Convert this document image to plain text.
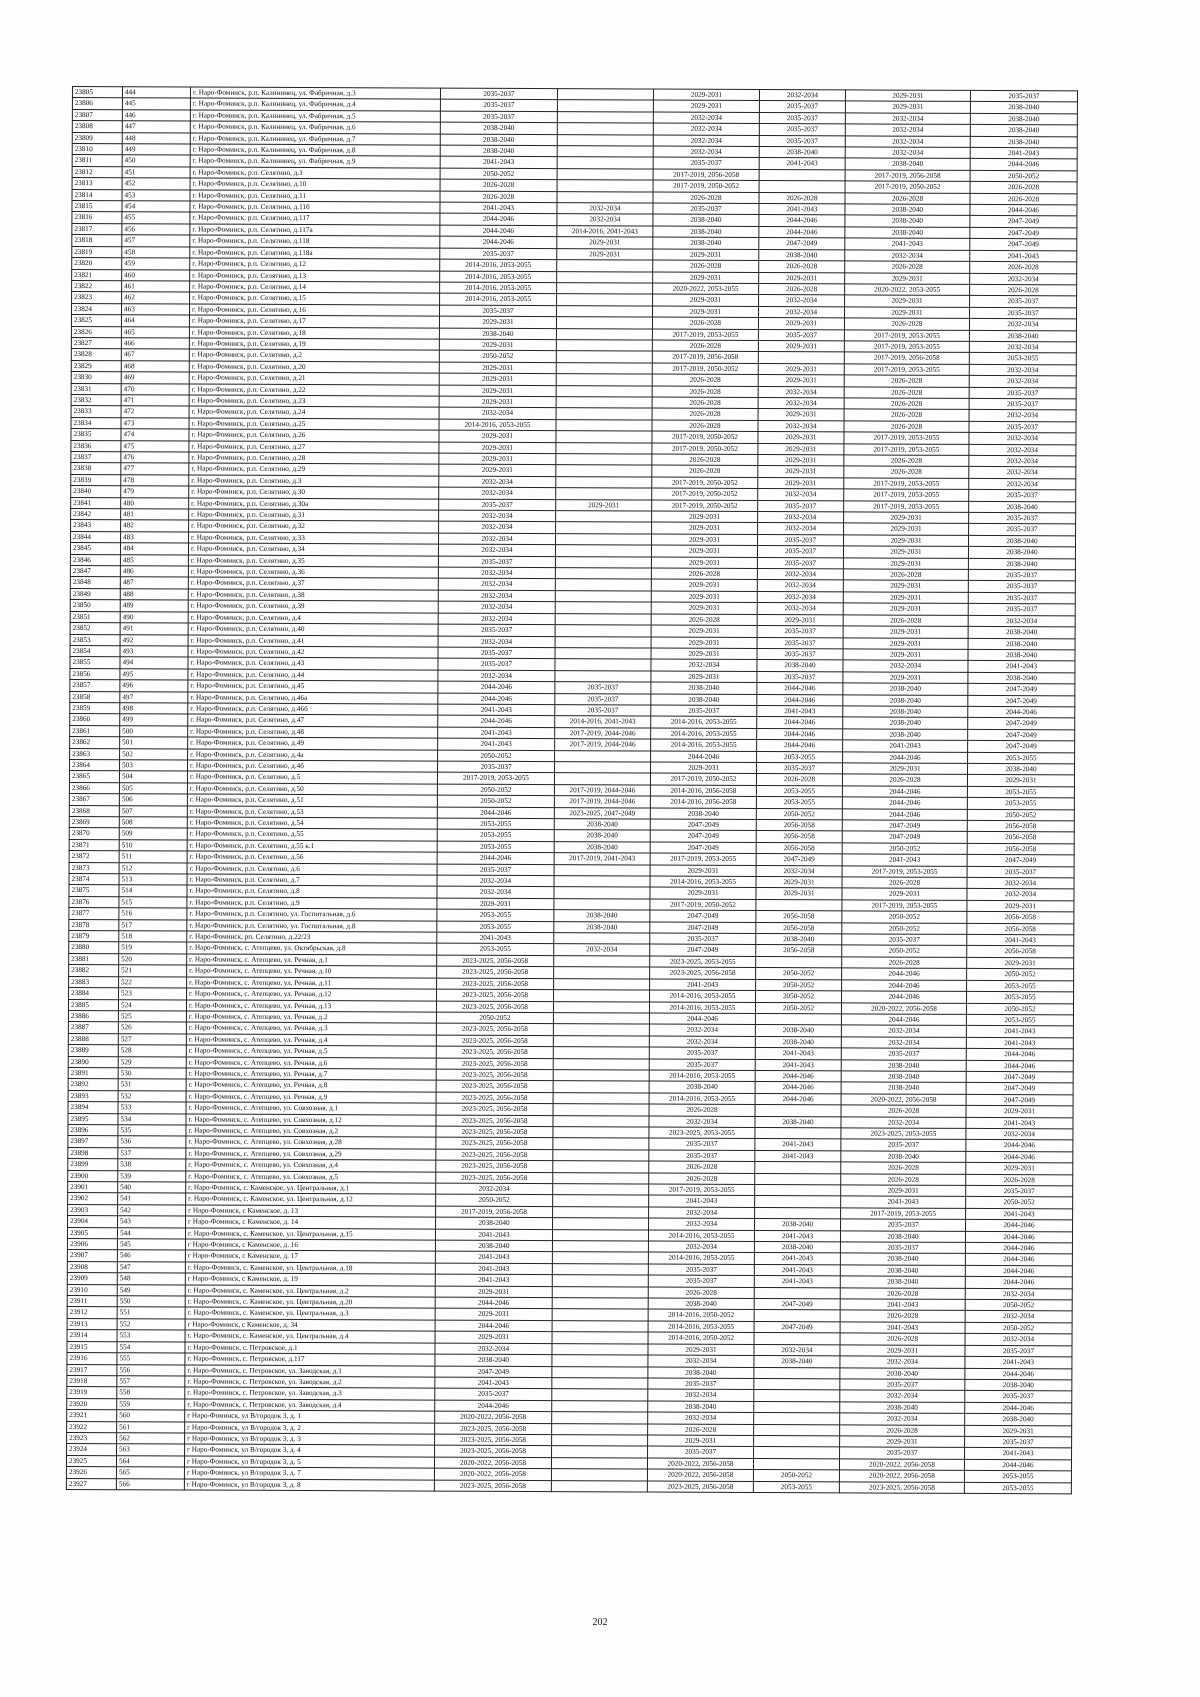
23805	444	г. Наро-Фоминск, р.п. Калининец, ул. Фабричная, д.3	2035-2037		2029-2031	2032-2034	2029-2031	2035-2037
23806	445	г. Наро-Фоминск, р.п. Калининец, ул. Фабричная, д.4	2035-2037		2029-2031	2035-2037	2029-2031	2038-2040
23807	446	г. Наро-Фоминск, р.п. Калининец, ул. Фабричная, д.5	2035-2037		2032-2034	2035-2037	2032-2034	2038-2040
23808	447	г. Наро-Фоминск, р.п. Калининец, ул. Фабричная, д.6	2038-2040		2032-2034	2035-2037	2032-2034	2038-2040
23809	448	г. Наро-Фоминск, р.п. Калининец, ул. Фабричная, д.7	2038-2040		2032-2034	2035-2037	2032-2034	2038-2040
23810	449	г. Наро-Фоминск, р.п. Калининец, ул. Фабричная, д.8	2038-2040		2032-2034	2038-2040	2032-2034	2041-2043
23811	450	г. Наро-Фоминск, р.п. Калининец, ул. Фабричная, д.9	2041-2043		2035-2037	2041-2043	2038-2040	2044-2046
23812	451	г. Наро-Фоминск, р.п. Селятино, д.1	2050-2052		2017-2019, 2056-2058		2017-2019, 2056-2058	2050-2052
23813	452	г. Наро-Фоминск, р.п. Селятино, д.10	2026-2028		2017-2019, 2050-2052		2017-2019, 2050-2052	2026-2028
23814	453	г. Наро-Фоминск, р.п. Селятино, д.11	2026-2028		2026-2028	2026-2028	2026-2028	2026-2028
23815	454	г. Наро-Фоминск, р.п. Селятино, д.11б	2041-2043	2032-2034	2035-2037	2041-2043	2038-2040	2044-2046
23816	455	г. Наро-Фоминск, р.п. Селятино, д.117	2044-2046	2032-2034	2038-2040	2044-2046	2038-2040	2047-2049
23817	456	г. Наро-Фоминск, р.п. Селятино, д.117а	2044-2046	2014-2016, 2041-2043	2038-2040	2044-2046	2038-2040	2047-2049
23818	457	г. Наро-Фоминск, р.п. Селятино, д.118	2044-2046	2029-2031	2038-2040	2047-2049	2041-2043	2047-2049
23819	458	г. Наро-Фоминск, р.п. Селятино, д.118а	2035-2037	2029-2031	2029-2031	2038-2040	2032-2034	2041-2043
23820	459	г. Наро-Фоминск, р.п. Селятино, д.12	2014-2016, 2053-2055		2026-2028	2026-2028	2026-2028	2026-2028
23821	460	г. Наро-Фоминск, р.п. Селятино, д.13	2014-2016, 2053-2055		2029-2031	2029-2031	2029-2031	2032-2034
23822	461	г. Наро-Фоминск, р.п. Селятино, д.14	2014-2016, 2053-2055		2020-2022, 2053-2055	2026-2028	2020-2022, 2053-2055	2026-2028
23823	462	г. Наро-Фоминск, р.п. Селятино, д.15	2014-2016, 2053-2055		2029-2031	2032-2034	2029-2031	2035-2037
23824	463	г. Наро-Фоминск, р.п. Селятино, д.16	2035-2037		2029-2031	2032-2034	2029-2031	2035-2037
23825	464	г. Наро-Фоминск, р.п. Селятино, д.17	2029-2031		2026-2028	2029-2031	2026-2028	2032-2034
23826	465	г. Наро-Фоминск, р.п. Селятино, д.18	2038-2040		2017-2019, 2053-2055	2035-2037	2017-2019, 2053-2055	2038-2040
23827	466	г. Наро-Фоминск, р.п. Селятино, д.19	2029-2031		2026-2028	2029-2031	2017-2019, 2053-2055	2032-2034
23828	467	г. Наро-Фоминск, р.п. Селятино, д.2	2050-2052		2017-2019, 2056-2058		2017-2019, 2056-2058	2053-2055
23829	468	г. Наро-Фоминск, р.п. Селятино, д.20	2029-2031		2017-2019, 2050-2052	2029-2031	2017-2019, 2053-2055	2032-2034
23830	469	г. Наро-Фоминск, р.п. Селятино, д.21	2029-2031		2026-2028	2029-2031	2026-2028	2032-2034
23831	470	г. Наро-Фоминск, р.п. Селятино, д.22	2029-2031		2026-2028	2032-2034	2026-2028	2035-2037
23832	471	г. Наро-Фоминск, р.п. Селятино, д.23	2029-2031		2026-2028	2032-2034	2026-2028	2035-2037
23833	472	г. Наро-Фоминск, р.п. Селятино, д.24	2032-2034		2026-2028	2029-2031	2026-2028	2032-2034
23834	473	г. Наро-Фоминск, р.п. Селятино, д.25	2014-2016, 2053-2055		2026-2028	2032-2034	2026-2028	2035-2037
23835	474	г. Наро-Фоминск, р.п. Селятино, д.26	2029-2031		2017-2019, 2050-2052	2029-2031	2017-2019, 2053-2055	2032-2034
23836	475	г. Наро-Фоминск, р.п. Селятино, д.27	2029-2031		2017-2019, 2050-2052	2029-2031	2017-2019, 2053-2055	2032-2034
23837	476	г. Наро-Фоминск, р.п. Селятино, д.28	2029-2031		2026-2028	2029-2031	2026-2028	2032-2034
23838	477	г. Наро-Фоминск, р.п. Селятино, д.29	2029-2031		2026-2028	2029-2031	2026-2028	2032-2034
23839	478	г. Наро-Фоминск, р.п. Селятино, д.3	2032-2034		2017-2019, 2050-2052	2029-2031	2017-2019, 2053-2055	2032-2034
23840	479	г. Наро-Фоминск, р.п. Селятино, д.30	2032-2034		2017-2019, 2050-2052	2032-2034	2017-2019, 2053-2055	2035-2037
23841	480	г. Наро-Фоминск, р.п. Селятино, д.30а	2035-2037	2029-2031	2017-2019, 2050-2052	2035-2037	2017-2019, 2053-2055	2038-2040
23842	481	г. Наро-Фоминск, р.п. Селятино, д.31	2032-2034		2029-2031	2032-2034	2029-2031	2035-2037
23843	482	г. Наро-Фоминск, р.п. Селятино, д.32	2032-2034		2029-2031	2032-2034	2029-2031	2035-2037
23844	483	г. Наро-Фоминск, р.п. Селятино, д.33	2032-2034		2029-2031	2035-2037	2029-2031	2038-2040
23845	484	г. Наро-Фоминск, р.п. Селятино, д.34	2032-2034		2029-2031	2035-2037	2029-2031	2038-2040
23846	485	г. Наро-Фоминск, р.п. Селятино, д.35	2035-2037		2029-2031	2035-2037	2029-2031	2038-2040
23847	486	г. Наро-Фоминск, р.п. Селятино, д.36	2032-2034		2026-2028	2032-2034	2026-2028	2035-2037
23848	487	г. Наро-Фоминск, р.п. Селятино, д.37	2032-2034		2029-2031	2032-2034	2029-2031	2035-2037
23849	488	г. Наро-Фоминск, р.п. Селятино, д.38	2032-2034		2029-2031	2032-2034	2029-2031	2035-2037
23850	489	г. Наро-Фоминск, р.п. Селятино, д.39	2032-2034		2029-2031	2032-2034	2029-2031	2035-2037
23851	490	г. Наро-Фоминск, р.п. Селятино, д.4	2032-2034		2026-2028	2029-2031	2026-2028	2032-2034
23852	491	г. Наро-Фоминск, р.п. Селятино, д.40	2035-2037		2029-2031	2035-2037	2029-2031	2038-2040
23853	492	г. Наро-Фоминск, р.п. Селятино, д.41	2032-2034		2029-2031	2035-2037	2029-2031	2038-2040
23854	493	г. Наро-Фоминск, р.п. Селятино, д.42	2035-2037		2029-2031	2035-2037	2029-2031	2038-2040
23855	494	г. Наро-Фоминск, р.п. Селятино, д.43	2035-2037		2032-2034	2038-2040	2032-2034	2041-2043
23856	495	г. Наро-Фоминск, р.п. Селятино, д.44	2032-2034		2029-2031	2035-2037	2029-2031	2038-2040
23857	496	г. Наро-Фоминск, р.п. Селятино, д.45	2044-2046	2035-2037	2038-2040	2044-2046	2038-2040	2047-2049
23858	497	г. Наро-Фоминск, р.п. Селятино, д.46а	2044-2046	2035-2037	2038-2040	2044-2046	2038-2040	2047-2049
23859	498	г. Наро-Фоминск, р.п. Селятино, д.46б	2041-2043	2035-2037	2035-2037	2041-2043	2038-2040	2044-2046
23860	499	г. Наро-Фоминск, р.п. Селятино, д.47	2044-2046	2014-2016, 2041-2043	2014-2016, 2053-2055	2044-2046	2038-2040	2047-2049
23861	500	г. Наро-Фоминск, р.п. Селятино, д.48	2041-2043	2017-2019, 2044-2046	2014-2016, 2053-2055	2044-2046	2038-2040	2047-2049
23862	501	г. Наро-Фоминск, р.п. Селятино, д.49	2041-2043	2017-2019, 2044-2046	2014-2016, 2053-2055	2044-2046	2041-2043	2047-2049
23863	502	г. Наро-Фоминск, р.п. Селятино, д.4а	2050-2052		2044-2046	2053-2055	2044-2046	2053-2055
23864	503	г. Наро-Фоминск, р.п. Селятино, д.4б	2035-2037		2029-2031	2035-2037	2029-2031	2038-2040
23865	504	г. Наро-Фоминск, р.п. Селятино, д.5	2017-2019, 2053-2055		2017-2019, 2050-2052	2026-2028	2026-2028	2029-2031
23866	505	г. Наро-Фоминск, р.п. Селятино, д.50	2050-2052	2017-2019, 2044-2046	2014-2016, 2056-2058	2053-2055	2044-2046	2053-2055
23867	506	г. Наро-Фоминск, р.п. Селятино, д.51	2050-2052	2017-2019, 2044-2046	2014-2016, 2056-2058	2053-2055	2044-2046	2053-2055
23868	507	г. Наро-Фоминск, р.п. Селятино, д.53	2044-2046	2023-2025, 2047-2049	2038-2040	2050-2052	2044-2046	2050-2052
23869	508	г. Наро-Фоминск, р.п. Селятино, д.54	2053-2055	2038-2040	2047-2049	2056-2058	2047-2049	2056-2058
23870	509	г. Наро-Фоминск, р.п. Селятино, д.55	2053-2055	2038-2040	2047-2049	2056-2058	2047-2049	2056-2058
23871	510	г. Наро-Фоминск, р.п. Селятино, д.55 к.1	2053-2055	2038-2040	2047-2049	2056-2058	2050-2052	2056-2058
23872	511	г. Наро-Фоминск, р.п. Селятино, д.56	2044-2046	2017-2019, 2041-2043	2017-2019, 2053-2055	2047-2049	2041-2043	2047-2049
23873	512	г. Наро-Фоминск, р.п. Селятино, д.6	2035-2037		2029-2031	2032-2034	2017-2019, 2053-2055	2035-2037
23874	513	г. Наро-Фоминск, р.п. Селятино, д.7	2032-2034		2014-2016, 2053-2055	2029-2031	2026-2028	2032-2034
23875	514	г. Наро-Фоминск, р.п. Селятино, д.8	2032-2034		2029-2031	2029-2031	2029-2031	2032-2034
23876	515	г. Наро-Фоминск, р.п. Селятино, д.9	2029-2031		2017-2019, 2050-2052		2017-2019, 2053-2055	2029-2031
23877	516	г. Наро-Фоминск, р.п. Селятино, ул. Госпитальная, д.6	2053-2055	2038-2040	2047-2049	2056-2058	2050-2052	2056-2058
23878	517	г. Наро-Фоминск, р.п. Селятино, ул. Госпитальная, д.8	2053-2055	2038-2040	2047-2049	2056-2058	2050-2052	2056-2058
23879	518	г. Наро-Фоминск, рп. Селятино, д.22/23	2041-2043		2035-2037	2038-2040	2035-2037	2041-2043
23880	519	г. Наро-Фоминск, с. Атепцево, ул. Октябрьская, д.8	2053-2055	2032-2034	2047-2049	2056-2058	2050-2052	2056-2058
23881	520	г. Наро-Фоминск, с. Атепцево, ул. Речная, д.1	2023-2025, 2056-2058		2023-2025, 2053-2055		2026-2028	2029-2031
23882	521	г. Наро-Фоминск, с. Атепцево, ул. Речная, д.10	2023-2025, 2056-2058		2023-2025, 2056-2058	2050-2052	2044-2046	2050-2052
23883	522	г. Наро-Фоминск, с. Атепцево, ул. Речная, д.11	2023-2025, 2056-2058		2041-2043	2050-2052	2044-2046	2053-2055
23884	523	г. Наро-Фоминск, с. Атепцево, ул. Речная, д.12	2023-2025, 2056-2058		2014-2016, 2053-2055	2050-2052	2044-2046	2053-2055
23885	524	г. Наро-Фоминск, с. Атепцево, ул. Речная, д.13	2023-2025, 2056-2058		2014-2016, 2053-2055	2050-2052	2020-2022, 2056-2058	2050-2052
23886	525	г. Наро-Фоминск, с. Атепцево, ул. Речная, д.2	2050-2052		2044-2046		2044-2046	2053-2055
23887	526	г. Наро-Фоминск, с. Атепцево, ул. Речная, д.3	2023-2025, 2056-2058		2032-2034	2038-2040	2032-2034	2041-2043
23888	527	г. Наро-Фоминск, с. Атепцево, ул. Речная, д.4	2023-2025, 2056-2058		2032-2034	2038-2040	2032-2034	2041-2043
23889	528	г. Наро-Фоминск, с. Атепцево, ул. Речная, д.5	2023-2025, 2056-2058		2035-2037	2041-2043	2035-2037	2044-2046
23890	529	г. Наро-Фоминск, с. Атепцево, ул. Речная, д.6	2023-2025, 2056-2058		2035-2037	2041-2043	2038-2040	2044-2046
23891	530	г. Наро-Фоминск, с. Атепцево, ул. Речная, д.7	2023-2025, 2056-2058		2014-2016, 2053-2055	2044-2046	2038-2040	2047-2049
23892	531	г. Наро-Фоминск, с. Атепцево, ул. Речная, д.8	2023-2025, 2056-2058		2038-2040	2044-2046	2038-2040	2047-2049
23893	532	г. Наро-Фоминск, с. Атепцево, ул. Речная, д.9	2023-2025, 2056-2058		2014-2016, 2053-2055	2044-2046	2020-2022, 2056-2058	2047-2049
23894	533	г. Наро-Фоминск, с. Атепцево, ул. Совхозная, д.1	2023-2025, 2056-2058		2026-2028		2026-2028	2029-2031
23895	534	г. Наро-Фоминск, с. Атепцево, ул. Совхозная, д.12	2023-2025, 2056-2058		2032-2034	2038-2040	2032-2034	2041-2043
23896	535	г. Наро-Фоминск, с. Атепцево, ул. Совхозная, д.2	2023-2025, 2056-2058		2023-2025, 2053-2055		2023-2025, 2053-2055	2032-2034
23897	536	г. Наро-Фоминск, с. Атепцево, ул. Совхозная, д.28	2023-2025, 2056-2058		2035-2037	2041-2043	2035-2037	2044-2046
23898	537	г. Наро-Фоминск, с. Атепцево, ул. Совхозная, д.29	2023-2025, 2056-2058		2035-2037	2041-2043	2038-2040	2044-2046
23899	538	г. Наро-Фоминск, с. Атепцево, ул. Совхозная, д.4	2023-2025, 2056-2058		2026-2028		2026-2028	2029-2031
23900	539	г. Наро-Фоминск, с. Атепцево, ул. Совхозная, д.5	2023-2025, 2056-2058		2026-2028		2026-2028	2026-2028
23901	540	г. Наро-Фоминск, с. Каменское, ул. Центральная, д.1	2032-2034		2017-2019, 2053-2055		2029-2031	2035-2037
23902	541	г. Наро-Фоминск, с. Каменское, ул. Центральная, д.12	2050-2052		2041-2043		2041-2043	2050-2052
23903	542	г Наро-Фоминск, с Каменское, д. 13	2017-2019, 2056-2058		2032-2034		2017-2019, 2053-2055	2041-2043
23904	543	г Наро-Фоминск, с Каменское, д. 14	2038-2040		2032-2034	2038-2040	2035-2037	2044-2046
23905	544	г. Наро-Фоминск, с. Каменское, ул. Центральная, д.15	2041-2043		2014-2016, 2053-2055	2041-2043	2038-2040	2044-2046
23906	545	г Наро-Фоминск, с Каменское, д. 16	2038-2040		2032-2034	2038-2040	2035-2037	2044-2046
23907	546	г Наро-Фоминск, с Каменское, д. 17	2041-2043		2014-2016, 2053-2055	2041-2043	2038-2040	2044-2046
23908	547	г. Наро-Фоминск, с. Каменское, ул. Центральная, д.18	2041-2043		2035-2037	2041-2043	2038-2040	2044-2046
23909	548	г Наро-Фоминск, с Каменское, д. 19	2041-2043		2035-2037	2041-2043	2038-2040	2044-2046
23910	549	г. Наро-Фоминск, с. Каменское, ул. Центральная, д.2	2029-2031		2026-2028		2026-2028	2032-2034
23911	550	г. Наро-Фоминск, с. Каменское, ул. Центральная, д.20	2044-2046		2038-2040	2047-2049	2041-2043	2050-2052
23912	551	г. Наро-Фоминск, с. Каменское, ул. Центральная, д.3	2029-2031		2014-2016, 2050-2052		2026-2028	2032-2034
23913	552	г Наро-Фоминск, с Каменское, д. 34	2044-2046		2014-2016, 2053-2055	2047-2049	2041-2043	2050-2052
23914	553	г. Наро-Фоминск, с. Каменское, ул. Центральная, д.4	2029-2031		2014-2016, 2050-2052		2026-2028	2032-2034
23915	554	г. Наро-Фоминск, с. Петровское, д.1	2032-2034		2029-2031	2032-2034	2029-2031	2035-2037
23916	555	г. Наро-Фоминск, с. Петровское, д.117	2038-2040		2032-2034	2038-2040	2032-2034	2041-2043
23917	556	г. Наро-Фоминск, с. Петровское, ул. Заводская, д.1	2047-2049		2038-2040		2038-2040	2044-2046
23918	557	г. Наро-Фоминск, с. Петровское, ул. Заводская, д.2	2041-2043		2035-2037		2035-2037	2038-2040
23919	558	г. Наро-Фоминск, с. Петровское, ул. Заводская, д.3	2035-2037		2032-2034		2032-2034	2035-2037
23920	559	г. Наро-Фоминск, с. Петровское, ул. Заводская, д.4	2044-2046		2038-2040		2038-2040	2044-2046
23921	560	г Наро-Фоминск, ул В/городок 3, д. 1	2020-2022, 2056-2058		2032-2034		2032-2034	2038-2040
23922	561	г Наро-Фоминск, ул В/городок 3, д. 2	2023-2025, 2056-2058		2026-2028		2026-2028	2029-2031
23923	562	г Наро-Фоминск, ул В/городок 3, д. 3	2023-2025, 2056-2058		2029-2031		2029-2031	2035-2037
23924	563	г Наро-Фоминск, ул В/городок 3, д. 4	2023-2025, 2056-2058		2035-2037		2035-2037	2041-2043
23925	564	г Наро-Фоминск, ул В/городок 3, д. 5	2020-2022, 2056-2058		2020-2022, 2056-2058		2020-2022, 2056-2058	2044-2046
23926	565	г Наро-Фоминск, ул В/городок 3, д. 7	2020-2022, 2056-2058		2020-2022, 2056-2058	2050-2052	2020-2022, 2056-2058	2053-2055
23927	566	г Наро-Фоминск, ул В/городок 3, д. 8	2023-2025, 2056-2058		2023-2025, 2056-2058	2053-2055	2023-2025, 2056-2058	2053-2055
202
